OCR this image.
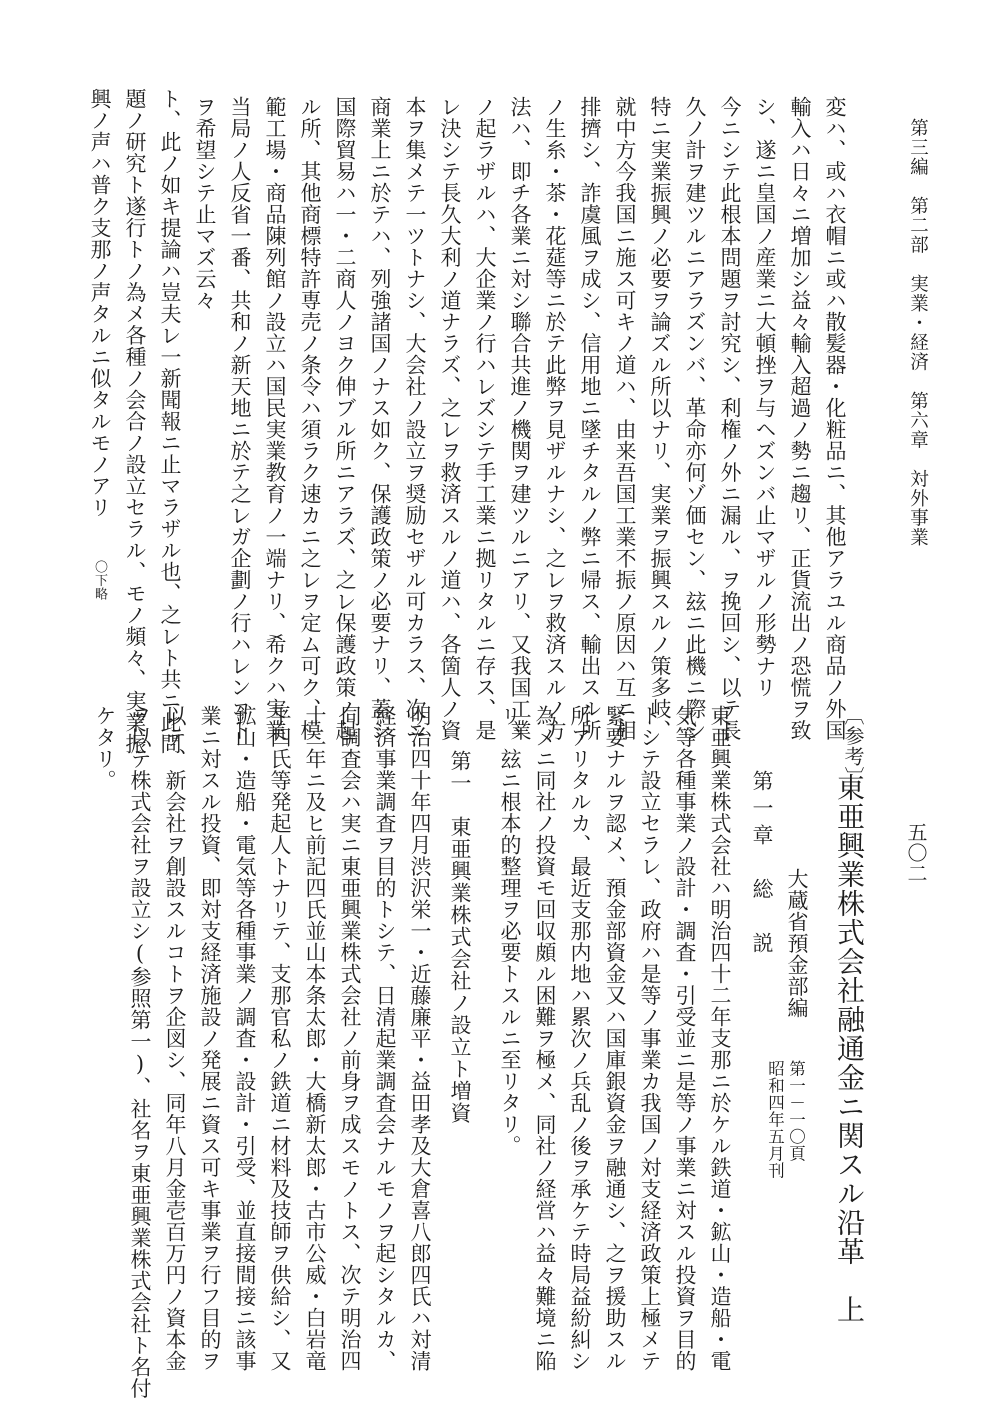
第三編　第二部　実業・経済　第六章　対外事業
五〇二
変ハ、或ハ衣帽ニ或ハ散髪器・化粧品ニ、其他アラユル商品ノ外国
輸入ハ日々ニ増加シ益々輸入超過ノ勢ニ趨リ、正貨流出ノ恐慌ヲ致
シ、遂ニ皇国ノ産業ニ大頓挫ヲ与ヘズンバ止マザルノ形勢ナリ
今ニシテ此根本問題ヲ討究シ、利権ノ外ニ漏ル、ヲ挽回シ、以テ長
久ノ計ヲ建ツルニアラズンバ、革命亦何ゾ価セン、玆ニ此機ニ際シ
特ニ実業振興ノ必要ヲ論ズル所以ナリ、実業ヲ振興スルノ策多岐、
就中方今我国ニ施ス可キノ道ハ、由来吾国工業不振ノ原因ハ互ニ相
排擠シ、詐虞風ヲ成シ、信用地ニ墜チタルノ弊ニ帰ス、輸出スル所
ノ生糸・茶・花莚等ニ於テ此弊ヲ見ザルナシ、之レヲ救済スルノ方
法ハ、即チ各業ニ対シ聯合共進ノ機関ヲ建ツルニアリ、又我国工業
ノ起ラザルハ、大企業ノ行ハレズシテ手工業ニ拠リタルニ存ス、是
レ決シテ長久大利ノ道ナラズ、之レヲ救済スルノ道ハ、各箇人ノ資
本ヲ集メテ一ツトナシ、大会社ノ設立ヲ奨励セザル可カラス、次ニ
商業上ニ於テハ、列強諸国ノナス如ク、保護政策ノ必要ナリ、蓋シ
国際貿易ハ一・二商人ノヨク伸ブル所ニアラズ、之レ保護政策ノ起
ル所、其他商標特許専売ノ条令ハ須ラク速カニ之レヲ定ム可ク、模
範工場・商品陳列館ノ設立ハ国民実業教育ノ一端ナリ、希クハ実業
当局ノ人反省一番、共和ノ新天地ニ於テ之レガ企劃ノ行ハレンコト
ヲ希望シテ止マズ云々
ト、此ノ如キ提論ハ豈夫レ一新聞報ニ止マラザル也、之レト共ニ此問
題ノ研究ト遂行トノ為メ各種ノ会合ノ設立セラル、モノ頻々、実業振
興ノ声ハ普ク支那ノ声タルニ似タルモノアリ
〇下略
〔参考〕
東亜興業株式会社融通金ニ関スル沿革　上
大蔵省預金部編
第一－一〇頁
昭和四年五月刊
第一章　総　説
東亜興業株式会社ハ明治四十二年支那ニ於ケル鉄道・鉱山・造船・電
気等各種事業ノ設計・調査・引受並ニ是等ノ事業ニ対スル投資ヲ目的
トシテ設立セラレ、政府ハ是等ノ事業カ我国ノ対支経済政策上極メテ
緊要ナルヲ認メ、預金部資金又ハ国庫銀資金ヲ融通シ、之ヲ援助スル
所アリタルカ、最近支那内地ハ累次ノ兵乱ノ後ヲ承ケテ時局益紛糾シ
為メニ同社ノ投資モ回収頗ル困難ヲ極メ、同社ノ経営ハ益々難境ニ陥
リ、玆ニ根本的整理ヲ必要トスルニ至リタリ。
第一　東亜興業株式会社ノ設立ト増資
明治四十年四月渋沢栄一・近藤廉平・益田孝及大倉喜八郎四氏ハ対清
経済事業調査ヲ目的トシテ、日清起業調査会ナルモノヲ起シタルカ、
同調査会ハ実ニ東亜興業株式会社ノ前身ヲ成スモノトス、次テ明治四
十二年ニ及ヒ前記四氏並山本条太郎・大橋新太郎・古市公威・白岩竜
平四氏等発起人トナリテ、支那官私ノ鉄道ニ材料及技師ヲ供給シ、又
鉱山・造船・電気等各種事業ノ調査・設計・引受、並直接間接ニ該事
業ニ対スル投資、即対支経済施設ノ発展ニ資ス可キ事業ヲ行フ目的ヲ
以テ、新会社ヲ創設スルコトヲ企図シ、同年八月金壱百万円ノ資本金
ヲ以テ株式会社ヲ設立シ(参照第一)、社名ヲ東亜興業株式会社ト名付
ケタリ。
